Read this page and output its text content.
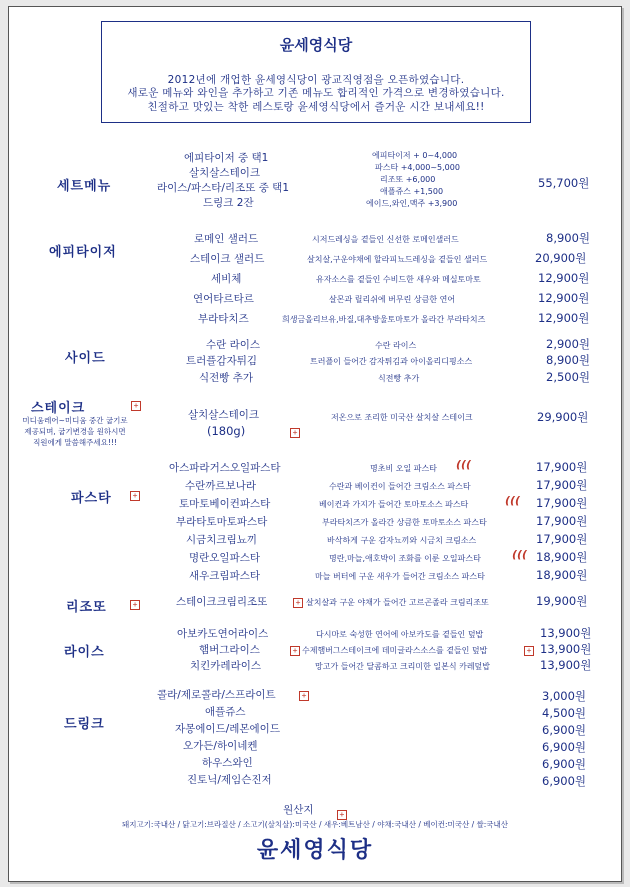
윤세영식당
2012년에 개업한 윤세영식당이 광교직영점을 오픈하였습니다.
새로운 메뉴와 와인을 추가하고 기존 메뉴도 합리적인 가격으로 변경하였습니다.
친절하고 맛있는 착한 레스토랑 윤세영식당에서 즐거운 시간 보내세요!!
세트메뉴
에피타이저 중 택1
살치살스테이크
라이스/파스타/리조또 중 택1
드링크 2잔
에피타이저 + 0~4,000
파스타 +4,000~5,000
리조또 +6,000
애플쥬스 +1,500
에이드,와인,맥주 +3,900
55,700원
에피타이저
로메인 샐러드	시저드레싱을 곁들인 신선한 로메인샐러드	8,900원
스테이크 샐러드	살치살,구운야채에 할라피뇨드레싱을 곁들인 샐러드	20,900원
세비체	유자소스를 곁들인 수비드한 새우와 메실토마토	12,900원
연어타르타르	살몬과 릴리쉬에 버무린 상큼한 연어	12,900원
부라타치즈	희생금올리브유,바질,대추방울토마토가 올라간 부라타치즈	12,900원
사이드
수란 라이스	수란 라이스	2,900원
트러플감자튀김	트러플이 들어간 감자튀김과 아이올리디핑소스	8,900원
식전빵 추가	식전빵 추가	2,500원
스테이크	+
미디움레어~미디움 중간 굽기로
제공되며, 굽기변경을 원하시면
직원에게 말씀해주세요!!!
살치살스테이크
(180g)	+
저온으로 조리한 미국산 살치살 스테이크	29,900원
파스타	+
아스파라거스오일파스타	명초비 오일 파스타 (((	17,900원
수란까르보나라	수란과 베이컨이 들어간 크림소스 파스타	17,900원
토마토베이컨파스타	베이컨과 가지가 들어간 토마토소스 파스타	((( 17,900원
부라타토마토파스타	부라타치즈가 올라간 상큼한 토마토소스 파스타	17,900원
시금치크림뇨끼	바삭하게 구운 감자뇨끼와 시금치 크림소스	17,900원
명란오일파스타	명란,마늘,애호박이 조화를 이룬 오일파스타	((( 18,900원
새우크림파스타	마늘 버터에 구운 새우가 들어간 크림소스 파스타	18,900원
리조또	+	스테이크크림리조또	+ 살치살과 구운 야채가 들어간 고르곤졸라 크림리조또	19,900원
라이스
아보카도연어라이스	다시마로 숙성한 연어에 아보카도를 곁들인 덮밥	13,900원
햄버그라이스	+ 수제햄버그스테이크에 데미글라스소스를 곁들인 덮밥	+ 13,900원
치킨카레라이스	망고가 들어간 달콤하고 크리미한 일본식 카레덮밥	13,900원
드링크
콜라/제로콜라/스프라이트	+	3,000원
애플쥬스	4,500원
자몽에이드/레몬에이드	6,900원
오가든/하이네켄	6,900원
하우스와인	6,900원
진토닉/제임슨진저	6,900원
원산지	+
돼지고기:국내산 / 닭고기:브라질산 / 소고기(살치살):미국산 / 새우:베트남산 / 야채:국내산 / 베이컨:미국산 / 쌀:국내산
윤세영식당
